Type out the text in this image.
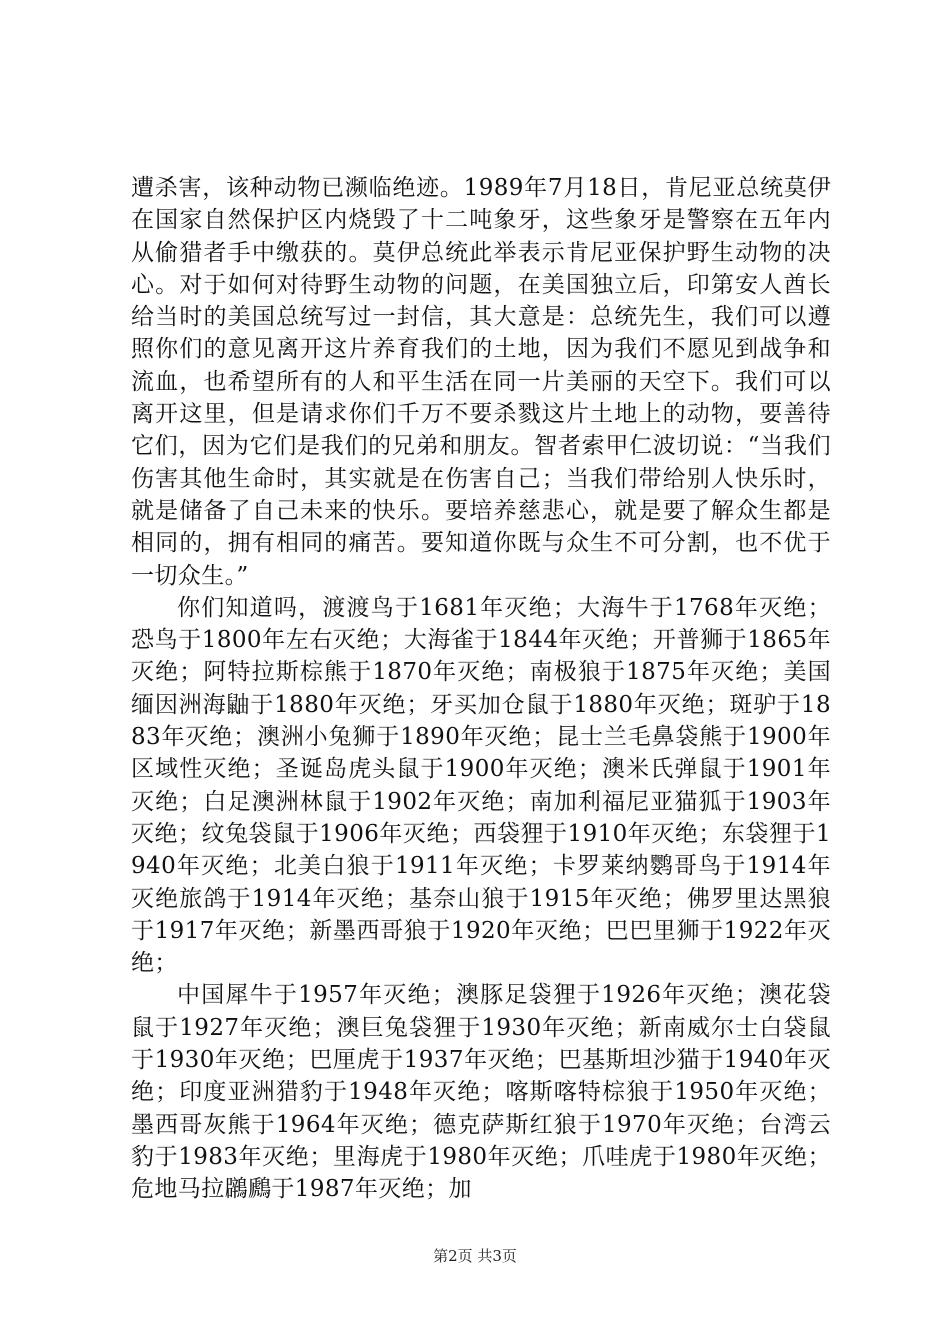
遭杀害，该种动物已濒临绝迹。1989年7月18日，肯尼亚总统莫伊在国家自然保护区内烧毁了十二吨象牙，这些象牙是警察在五年内从偷猎者手中缴获的。莫伊总统此举表示肯尼亚保护野生动物的决心。对于如何对待野生动物的问题，在美国独立后，印第安人酋长给当时的美国总统写过一封信，其大意是：总统先生，我们可以遵照你们的意见离开这片养育我们的土地，因为我们不愿见到战争和流血，也希望所有的人和平生活在同一片美丽的天空下。我们可以离开这里，但是请求你们千万不要杀戮这片土地上的动物，要善待它们，因为它们是我们的兄弟和朋友。智者索甲仁波切说：“当我们伤害其他生命时，其实就是在伤害自己；当我们带给别人快乐时，就是储备了自己未来的快乐。要培养慈悲心，就是要了解众生都是相同的，拥有相同的痛苦。要知道你既与众生不可分割，也不优于一切众生。”

你们知道吗，渡渡鸟于1681年灭绝；大海牛于1768年灭绝；恐鸟于1800年左右灭绝；大海雀于1844年灭绝；开普狮于1865年灭绝；阿特拉斯棕熊于1870年灭绝；南极狼于1875年灭绝；美国缅因洲海鼬于1880年灭绝；牙买加仓鼠于1880年灭绝；斑驴于1883年灭绝；澳洲小兔狮于1890年灭绝；昆士兰毛鼻袋熊于1900年区域性灭绝；圣诞岛虎头鼠于1900年灭绝；澳米氏弹鼠于1901年灭绝；白足澳洲林鼠于1902年灭绝；南加利福尼亚猫狐于1903年灭绝；纹兔袋鼠于1906年灭绝；西袋狸于1910年灭绝；东袋狸于1940年灭绝；北美白狼于1911年灭绝；卡罗莱纳鹦哥鸟于1914年灭绝旅鸽于1914年灭绝；基奈山狼于1915年灭绝；佛罗里达黑狼于1917年灭绝；新墨西哥狼于1920年灭绝；巴巴里狮于1922年灭绝；

中国犀牛于1957年灭绝；澳豚足袋狸于1926年灭绝；澳花袋鼠于1927年灭绝；澳巨兔袋狸于1930年灭绝；新南威尔士白袋鼠于1930年灭绝；巴厘虎于1937年灭绝；巴基斯坦沙猫于1940年灭绝；印度亚洲猎豹于1948年灭绝；喀斯喀特棕狼于1950年灭绝；墨西哥灰熊于1964年灭绝；德克萨斯红狼于1970年灭绝；台湾云豹于1983年灭绝；里海虎于1980年灭绝；爪哇虎于1980年灭绝；危地马拉鸊鷉于1987年灭绝；加

第2页 共3页
